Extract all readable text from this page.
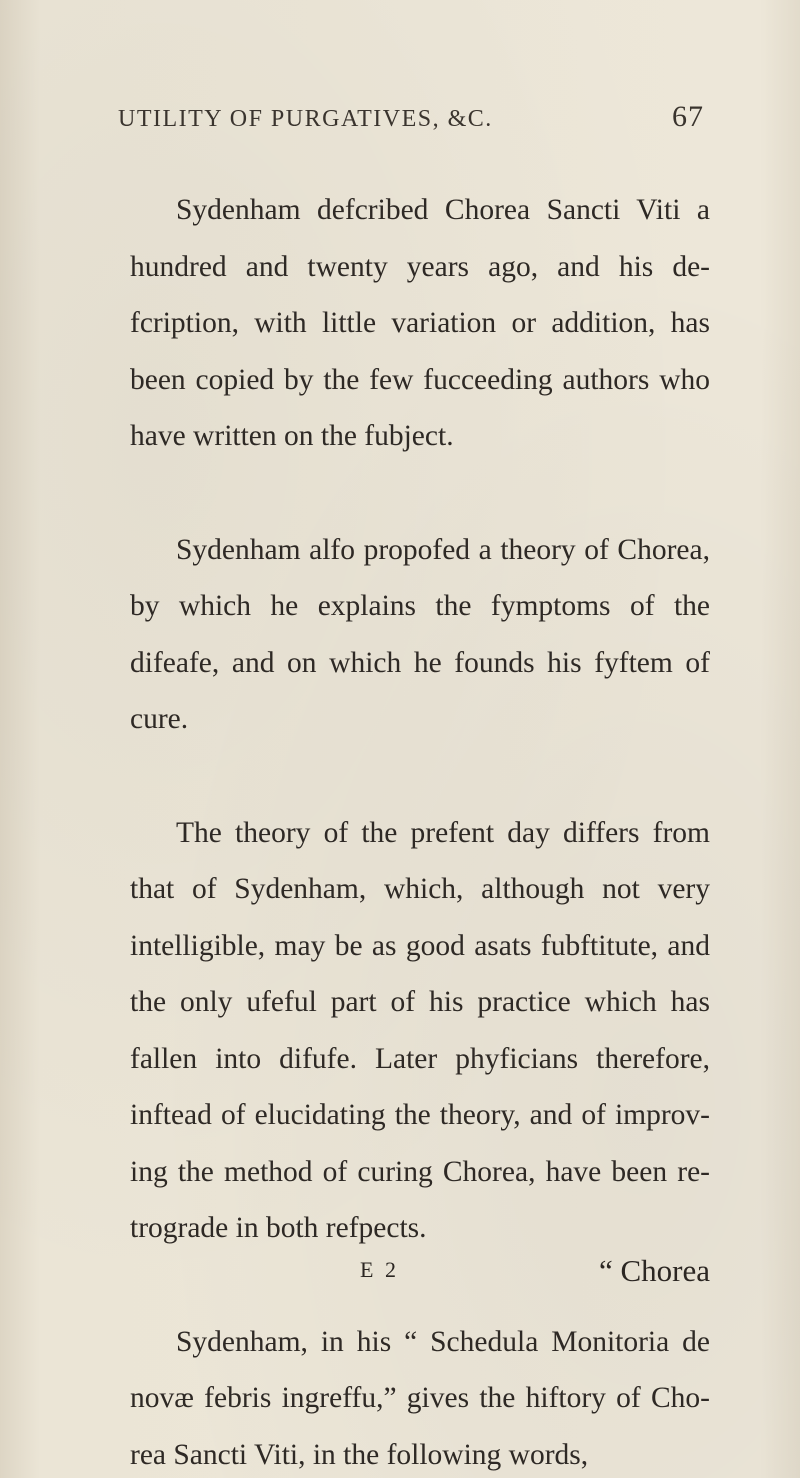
UTILITY OF PURGATIVES, &C.	67

Sydenham defcribed Chorea Sancti Viti a hundred and twenty years ago, and his de-fcription, with little variation or addition, has been copied by the few fucceeding authors who have written on the fubject.

Sydenham alfo propofed a theory of Chorea, by which he explains the fymptoms of the difeafe, and on which he founds his fyftem of cure.

The theory of the prefent day differs from that of Sydenham, which, although not very intelligible, may be as good asats fubftitute, and the only ufeful part of his practice which has fallen into difufe. Later phyficians therefore, inftead of elucidating the theory, and of improv-ing the method of curing Chorea, have been re-trograde in both refpects.

Sydenham, in his “ Schedula Monitoria de novæ febris ingreffu,” gives the hiftory of Cho-rea Sancti Viti, in the following words,

E 2	“ Chorea
